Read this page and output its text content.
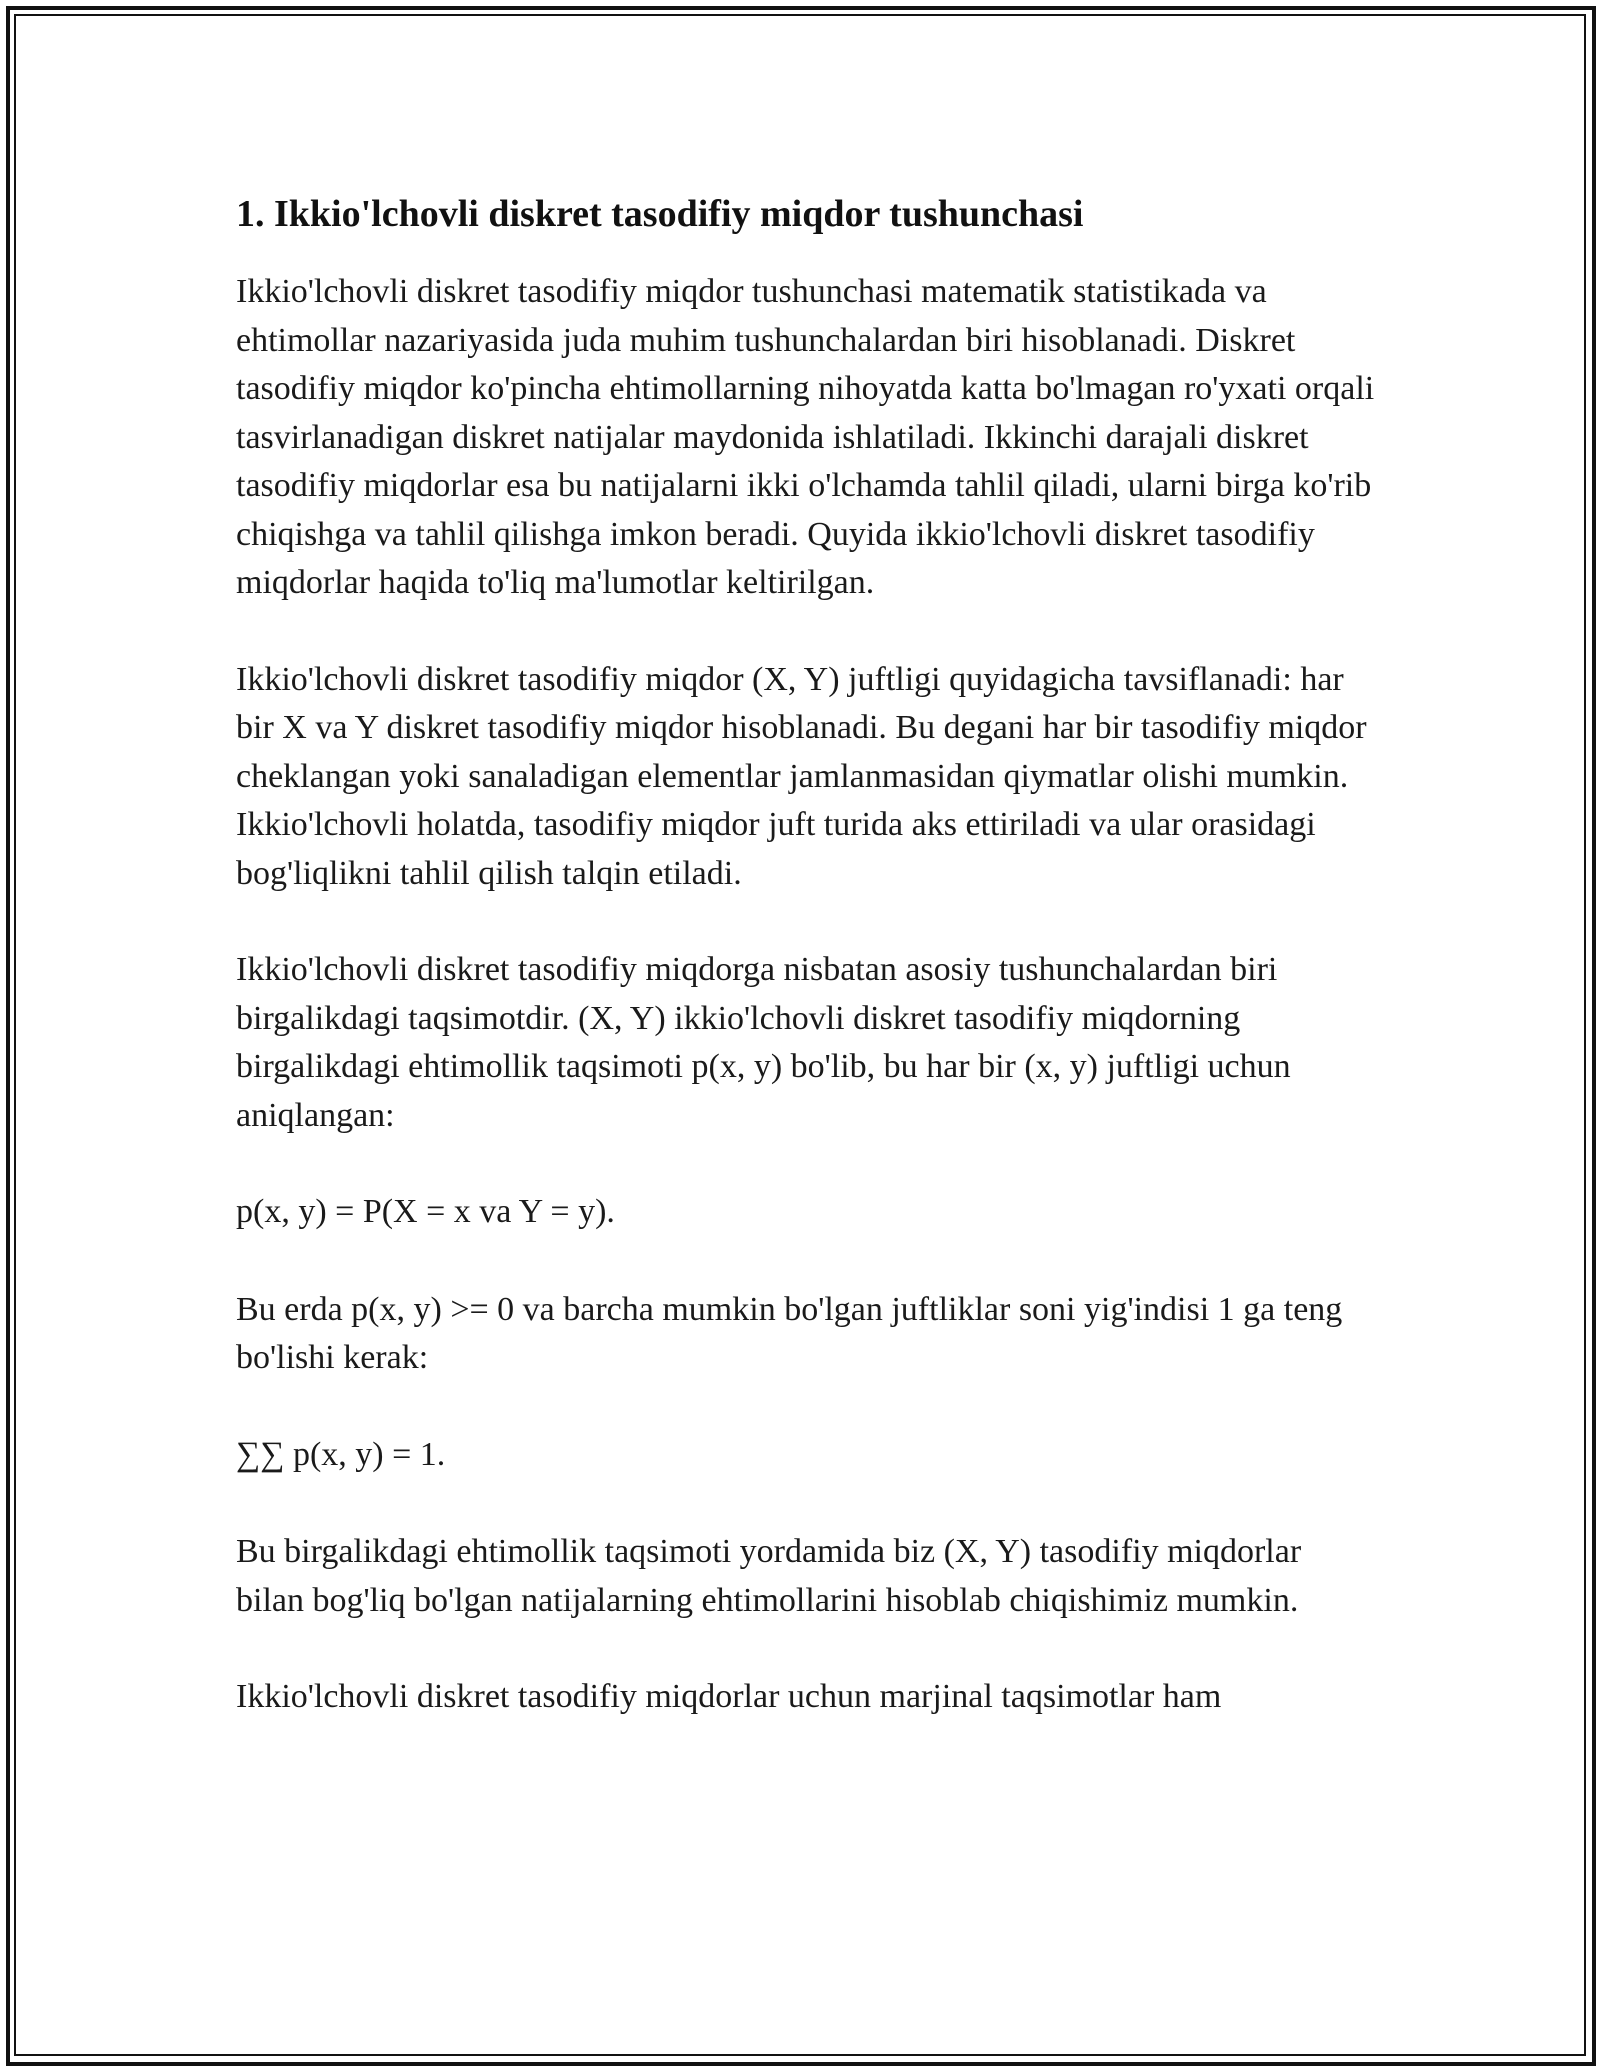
1. Ikkio'lchovli diskret tasodifiy miqdor tushunchasi

Ikkio'lchovli diskret tasodifiy miqdor tushunchasi matematik statistikada va ehtimollar nazariyasida juda muhim tushunchalardan biri hisoblanadi. Diskret tasodifiy miqdor ko'pincha ehtimollarning nihoyatda katta bo'lmagan ro'yxati orqali tasvirlanadigan diskret natijalar maydonida ishlatiladi. Ikkinchi darajali diskret tasodifiy miqdorlar esa bu natijalarni ikki o'lchamda tahlil qiladi, ularni birga ko'rib chiqishga va tahlil qilishga imkon beradi. Quyida ikkio'lchovli diskret tasodifiy miqdorlar haqida to'liq ma'lumotlar keltirilgan.

Ikkio'lchovli diskret tasodifiy miqdor (X, Y) juftligi quyidagicha tavsiflanadi: har bir X va Y diskret tasodifiy miqdor hisoblanadi. Bu degani har bir tasodifiy miqdor cheklangan yoki sanaladigan elementlar jamlanmasidan qiymatlar olishi mumkin. Ikkio'lchovli holatda, tasodifiy miqdor juft turida aks ettiriladi va ular orasidagi bog'liqlikni tahlil qilish talqin etiladi.

Ikkio'lchovli diskret tasodifiy miqdorga nisbatan asosiy tushunchalardan biri birgalikdagi taqsimotdir. (X, Y) ikkio'lchovli diskret tasodifiy miqdorning birgalikdagi ehtimollik taqsimoti p(x, y) bo'lib, bu har bir (x, y) juftligi uchun aniqlangan:

p(x, y) = P(X = x va Y = y).

Bu erda p(x, y) >= 0 va barcha mumkin bo'lgan juftliklar soni yig'indisi 1 ga teng bo'lishi kerak:

∑∑ p(x, y) = 1.

Bu birgalikdagi ehtimollik taqsimoti yordamida biz (X, Y) tasodifiy miqdorlar bilan bog'liq bo'lgan natijalarning ehtimollarini hisoblab chiqishimiz mumkin.

Ikkio'lchovli diskret tasodifiy miqdorlar uchun marjinal taqsimotlar ham
